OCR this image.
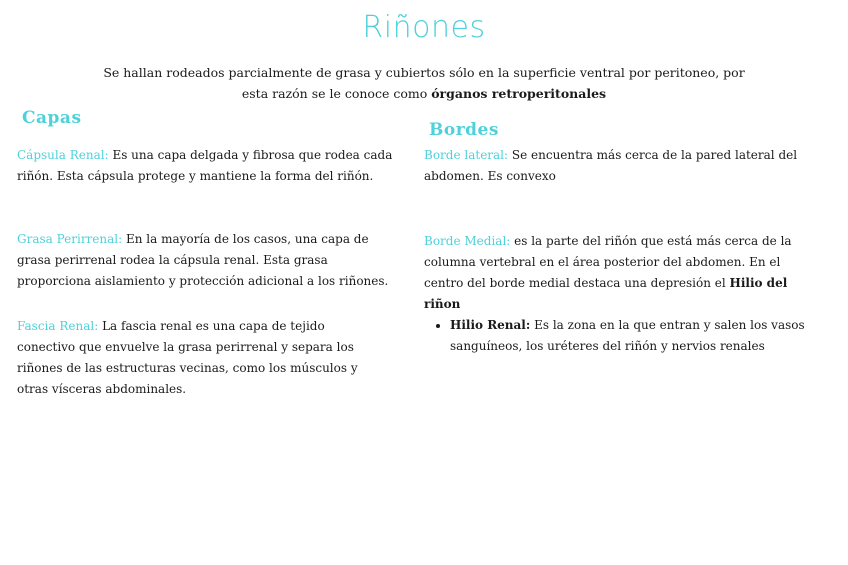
Riñones
Se hallan rodeados parcialmente de grasa y cubiertos sólo en la superficie ventral por peritoneo, por esta razón se le conoce como órganos retroperitonales
Capas
Cápsula Renal: Es una capa delgada y fibrosa que rodea cada riñón. Esta cápsula protege y mantiene la forma del riñón.
Grasa Perirrenal: En la mayoría de los casos, una capa de grasa perirrenal rodea la cápsula renal. Esta grasa proporciona aislamiento y protección adicional a los riñones.
Fascia Renal: La fascia renal es una capa de tejido conectivo que envuelve la grasa perirrenal y separa los riñones de las estructuras vecinas, como los músculos y otras vísceras abdominales.
Bordes
Borde lateral: Se encuentra más cerca de la pared lateral del abdomen. Es convexo
Borde Medial: es la parte del riñón que está más cerca de la columna vertebral en el área posterior del abdomen. En el centro del borde medial destaca una depresión el Hilio del riñon
• Hilio Renal: Es la zona en la que entran y salen los vasos sanguíneos, los uréteres del riñón y nervios renales
